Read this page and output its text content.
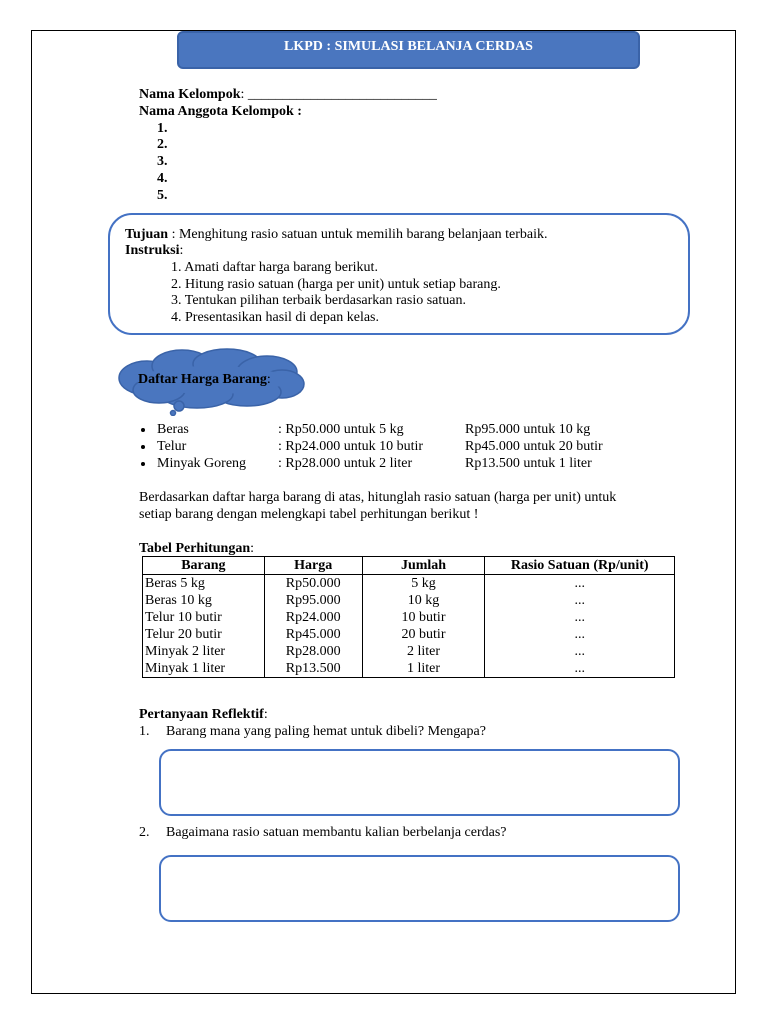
LKPD : SIMULASI BELANJA CERDAS
Nama Kelompok: ___________________________
Nama Anggota Kelompok :
1.
2.
3.
4.
5.
Tujuan : Menghitung rasio satuan untuk memilih barang belanjaan terbaik.
Instruksi:
1. Amati daftar harga barang berikut.
2. Hitung rasio satuan (harga per unit) untuk setiap barang.
3. Tentukan pilihan terbaik berdasarkan rasio satuan.
4. Presentasikan hasil di depan kelas.
Daftar Harga Barang:
Beras	: Rp50.000 untuk 5 kg	Rp95.000 untuk 10 kg
Telur	: Rp24.000 untuk 10 butir	Rp45.000 untuk 20 butir
Minyak Goreng : Rp28.000 untuk 2 liter	Rp13.500 untuk 1 liter
Berdasarkan daftar harga barang di atas, hitunglah rasio satuan (harga per unit) untuk
setiap barang dengan melengkapi tabel perhitungan berikut !
Tabel Perhitungan:
Barang	Harga	Jumlah	Rasio Satuan (Rp/unit)
Beras 5 kg	Rp50.000	5 kg	...
Beras 10 kg	Rp95.000	10 kg	...
Telur 10 butir	Rp24.000	10 butir	...
Telur 20 butir	Rp45.000	20 butir	...
Minyak 2 liter	Rp28.000	2 liter	...
Minyak 1 liter	Rp13.500	1 liter	...
Pertanyaan Reflektif:
1. Barang mana yang paling hemat untuk dibeli? Mengapa?
2. Bagaimana rasio satuan membantu kalian berbelanja cerdas?
